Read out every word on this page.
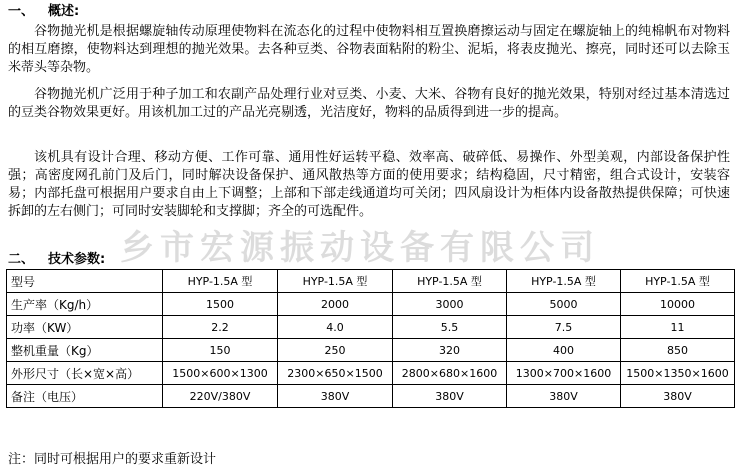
乡市宏源振动设备有限公司
一、 概述:

谷物抛光机是根据螺旋轴传动原理使物料在流态化的过程中使物料相互置换磨擦运动与固定在螺旋轴上的纯棉帆布对物料的相互磨擦，使物料达到理想的抛光效果。去各种豆类、谷物表面粘附的粉尘、泥垢，将表皮抛光、擦亮，同时还可以去除玉米蒂头等杂物。

谷物抛光机广泛用于种子加工和农副产品处理行业对豆类、小麦、大米、谷物有良好的抛光效果，特别对经过基本清选过的豆类谷物效果更好。用该机加工过的产品光亮剔透，光洁度好，物料的品质得到进一步的提高。

该机具有设计合理、移动方便、工作可靠、通用性好运转平稳、效率高、破碎低、易操作、外型美观，内部设备保护性强；高密度网孔前门及后门，同时解决设备保护、通风散热等方面的使用要求；结构稳固，尺寸精密，组合式设计，安装容易；内部托盘可根据用户要求自由上下调整；上部和下部走线通道均可关闭；四风扇设计为柜体内设备散热提供保障；可快速拆卸的左右侧门；可同时安装脚轮和支撑脚；齐全的可选配件。

二、 技术参数:
型号	HYP-1.5A 型	HYP-1.5A 型	HYP-1.5A 型	HYP-1.5A 型	HYP-1.5A 型
生产率（Kg/h）	1500	2000	3000	5000	10000
功率（KW）	2.2	4.0	5.5	7.5	11
整机重量（Kg）	150	250	320	400	850
外形尺寸（长×宽×高）	1500×600×1300	2300×650×1500	2800×680×1600	1300×700×1600	1500×1350×1600
备注（电压）	220V/380V	380V	380V	380V	380V
注：同时可根据用户的要求重新设计
